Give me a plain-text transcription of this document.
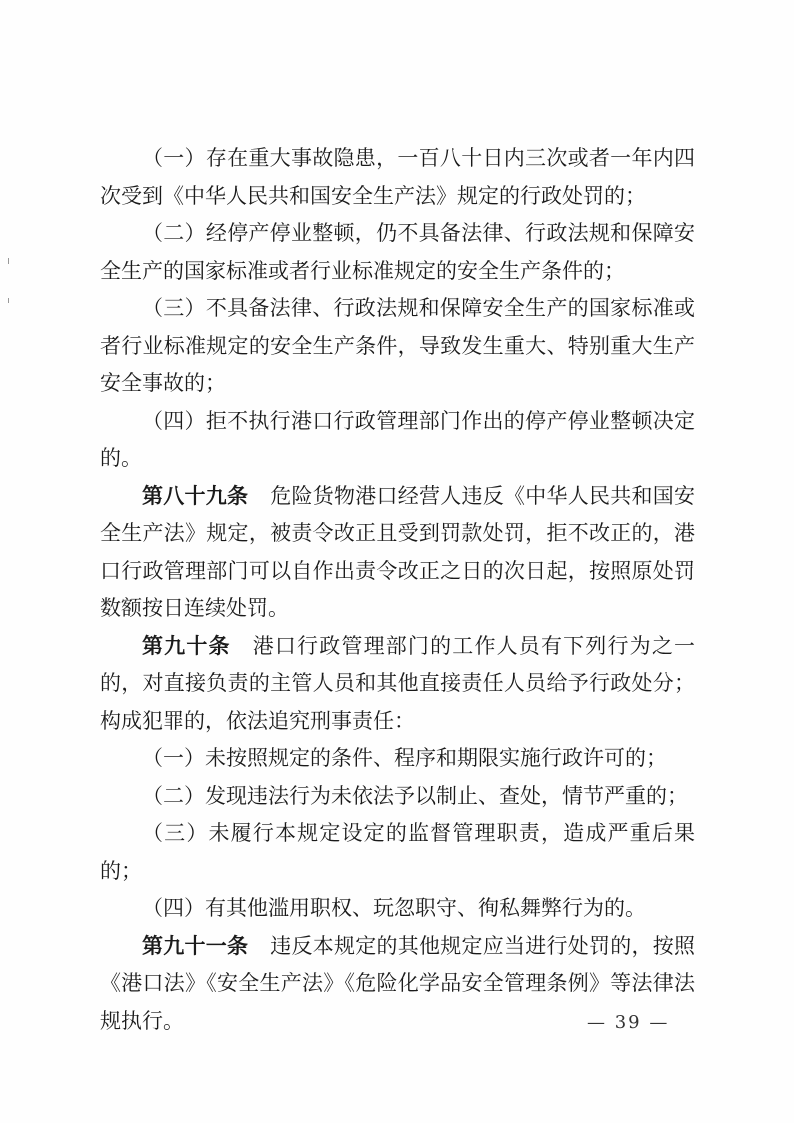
（一）存在重大事故隐患，一百八十日内三次或者一年内四次受到《中华人民共和国安全生产法》规定的行政处罚的；

（二）经停产停业整顿，仍不具备法律、行政法规和保障安全生产的国家标准或者行业标准规定的安全生产条件的；

（三）不具备法律、行政法规和保障安全生产的国家标准或者行业标准规定的安全生产条件，导致发生重大、特别重大生产安全事故的；

（四）拒不执行港口行政管理部门作出的停产停业整顿决定的。

第八十九条 危险货物港口经营人违反《中华人民共和国安全生产法》规定，被责令改正且受到罚款处罚，拒不改正的，港口行政管理部门可以自作出责令改正之日的次日起，按照原处罚数额按日连续处罚。

第九十条 港口行政管理部门的工作人员有下列行为之一的，对直接负责的主管人员和其他直接责任人员给予行政处分；构成犯罪的，依法追究刑事责任：

（一）未按照规定的条件、程序和期限实施行政许可的；

（二）发现违法行为未依法予以制止、查处，情节严重的；

（三）未履行本规定设定的监督管理职责，造成严重后果的；

（四）有其他滥用职权、玩忽职守、徇私舞弊行为的。

第九十一条 违反本规定的其他规定应当进行处罚的，按照《港口法》《安全生产法》《危险化学品安全管理条例》等法律法规执行。	— 39 —
